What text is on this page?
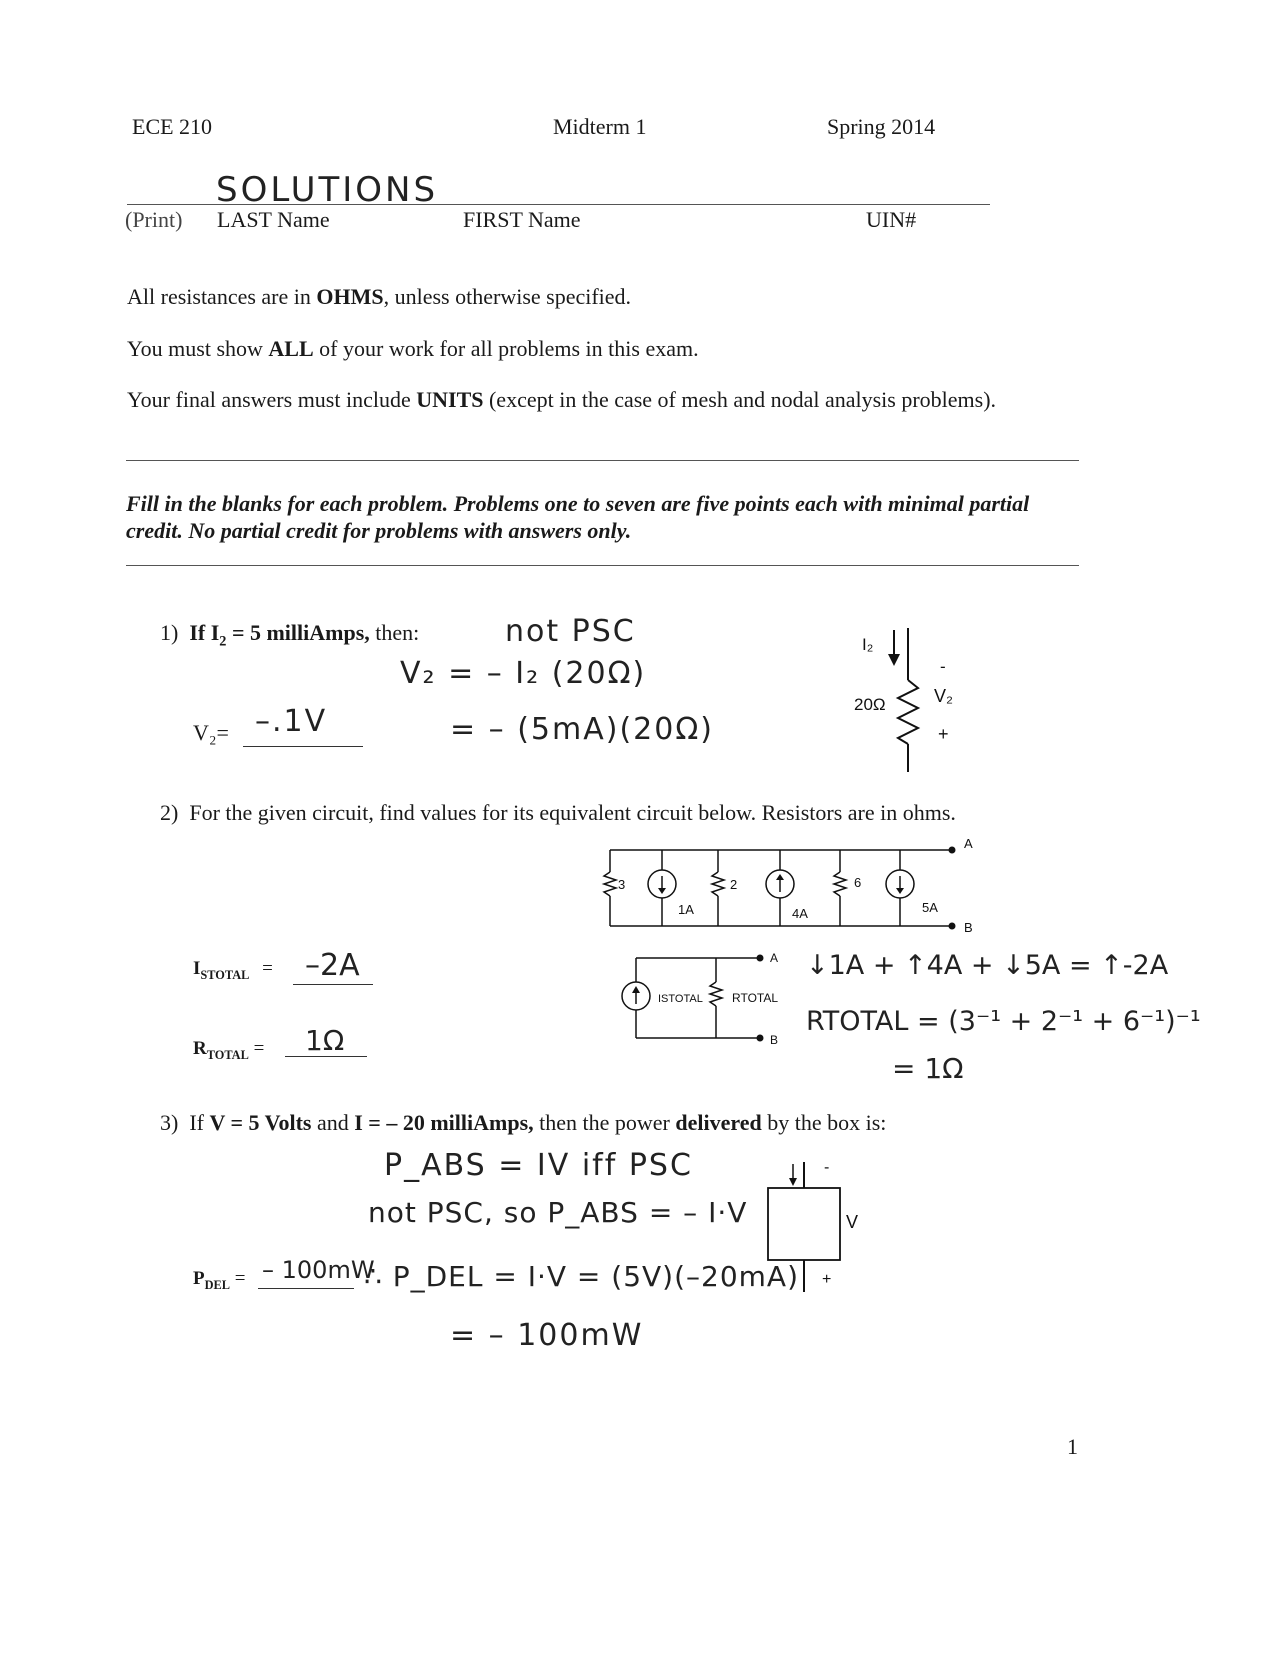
ECE 210	Midterm 1	Spring 2014
SOLUTIONS
(Print) LAST Name	FIRST Name	UIN#
All resistances are in OHMS, unless otherwise specified.
You must show ALL of your work for all problems in this exam.
Your final answers must include UNITS (except in the case of mesh and nodal analysis problems).
Fill in the blanks for each problem. Problems one to seven are five points each with minimal partial
credit. No partial credit for problems with answers only.
1) If $I_2 = 5$ milliAmps, then:	not PSC
V₂ = – I₂ (20Ω)
= – (5mA)(20Ω)
V₂= –.1V
I₂
20Ω
-
V₂
+
2) For the given circuit, find values for its equivalent circuit below. Resistors are in ohms.
A
B
3
1A
2
4A
6
5A
A
B
ISTOTAL RTOTAL
$I_{STOTAL} = -2A$
$R_{TOTAL} = 1\Omega$
↓1A + ↑4A + ↓5A = ↑-2A
RTOTAL = (3⁻¹ + 2⁻¹ + 6⁻¹)⁻¹
= 1Ω
3) If V = 5 Volts and I = – 20 milliAmps, then the power delivered by the box is:
P_ABS = IV iff PSC
not PSC, so P_ABS = – I·V
∴ P_DEL = I·V = (5V)(–20mA)
= – 100mW
$P_{DEL}$ = – 100mW
-
V
+
1
